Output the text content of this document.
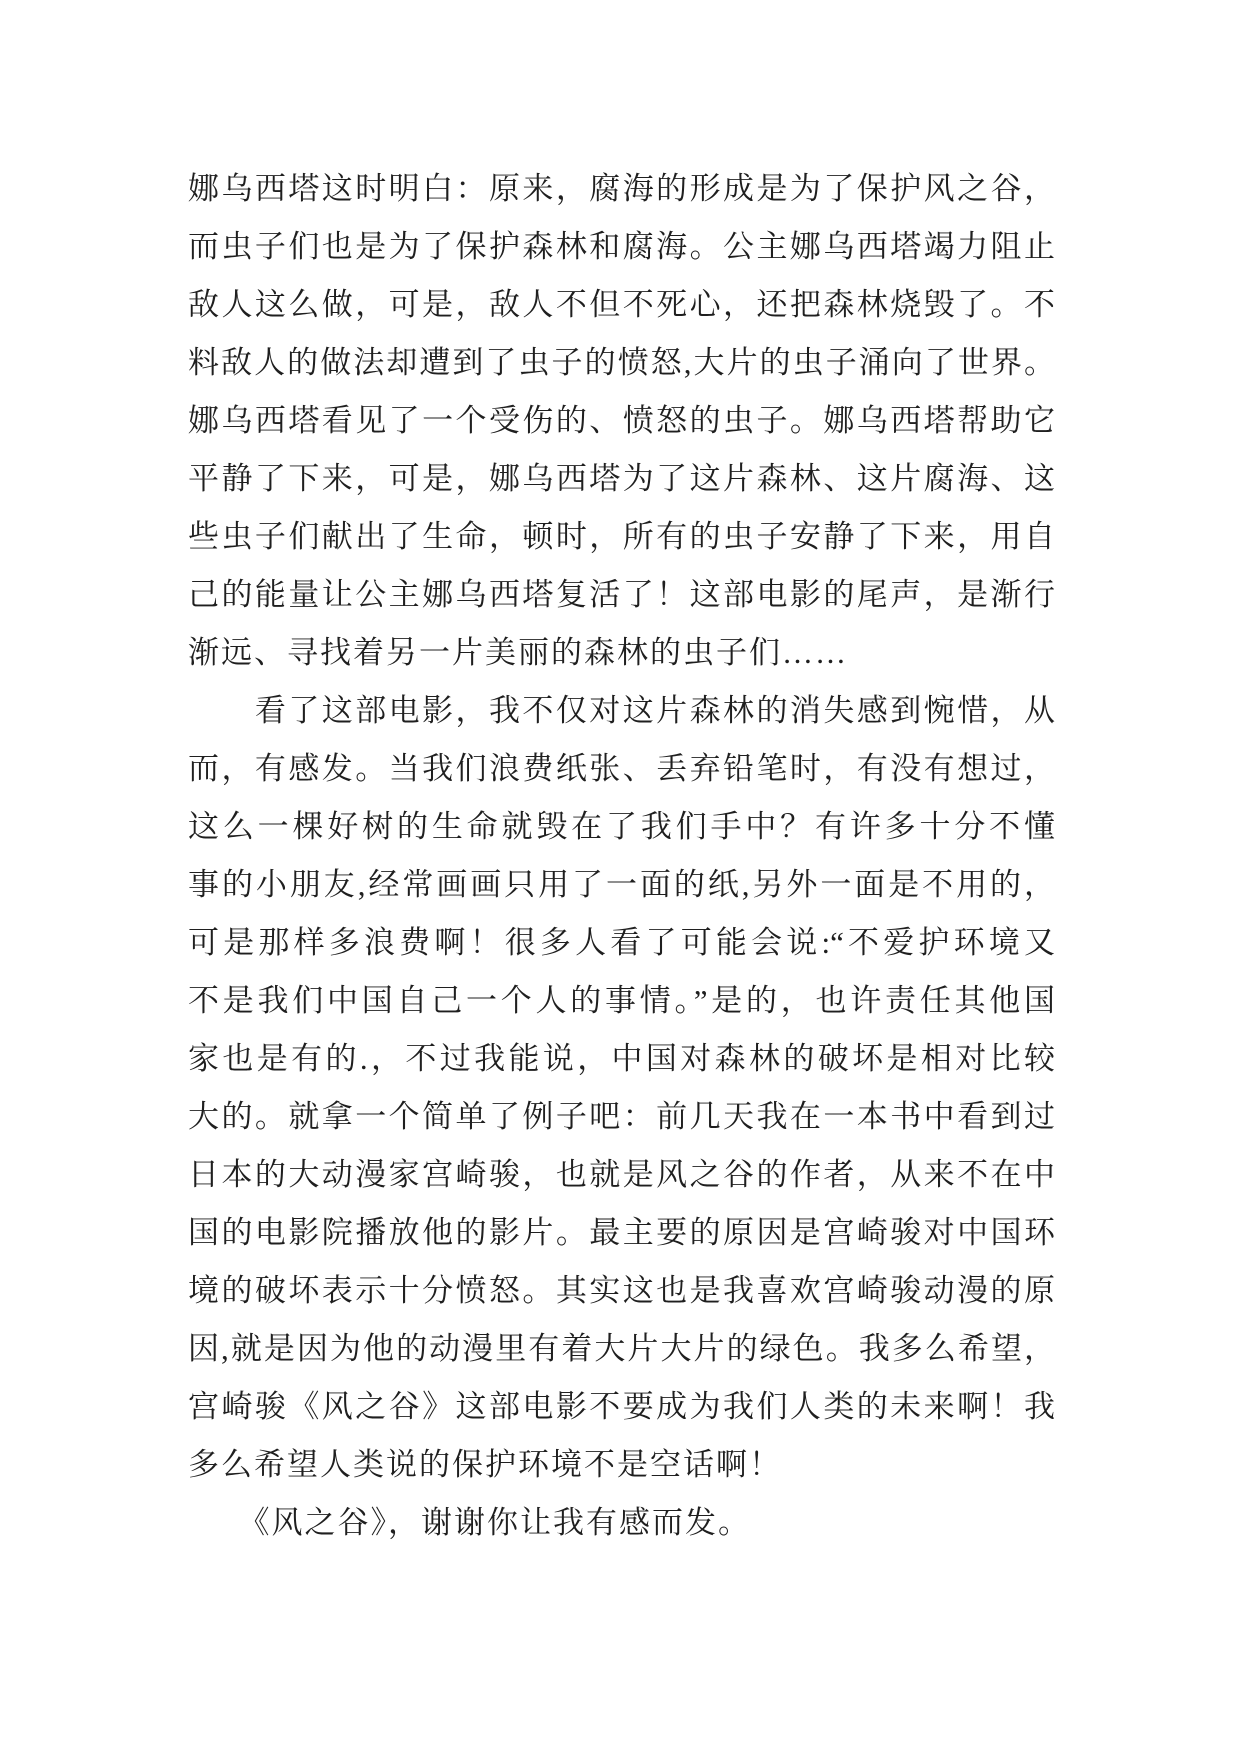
娜乌西塔这时明白：原来，腐海的形成是为了保护风之谷，
而虫子们也是为了保护森林和腐海。公主娜乌西塔竭力阻止
敌人这么做，可是，敌人不但不死心，还把森林烧毁了。不
料敌人的做法却遭到了虫子的愤怒,大片的虫子涌向了世界。
娜乌西塔看见了一个受伤的、愤怒的虫子。娜乌西塔帮助它
平静了下来，可是，娜乌西塔为了这片森林、这片腐海、这
些虫子们献出了生命，顿时，所有的虫子安静了下来，用自
己的能量让公主娜乌西塔复活了！这部电影的尾声，是渐行
渐远、寻找着另一片美丽的森林的虫子们……
　　看了这部电影，我不仅对这片森林的消失感到惋惜，从
而，有感发。当我们浪费纸张、丢弃铅笔时，有没有想过，
这么一棵好树的生命就毁在了我们手中？有许多十分不懂
事的小朋友,经常画画只用了一面的纸,另外一面是不用的，
可是那样多浪费啊！很多人看了可能会说:“不爱护环境又
不是我们中国自己一个人的事情。”是的，也许责任其他国
家也是有的.，不过我能说，中国对森林的破坏是相对比较
大的。就拿一个简单了例子吧：前几天我在一本书中看到过
日本的大动漫家宫崎骏，也就是风之谷的作者，从来不在中
国的电影院播放他的影片。最主要的原因是宫崎骏对中国环
境的破坏表示十分愤怒。其实这也是我喜欢宫崎骏动漫的原
因,就是因为他的动漫里有着大片大片的绿色。我多么希望，
宫崎骏《风之谷》这部电影不要成为我们人类的未来啊！我
多么希望人类说的保护环境不是空话啊！
　　《风之谷》，谢谢你让我有感而发。
